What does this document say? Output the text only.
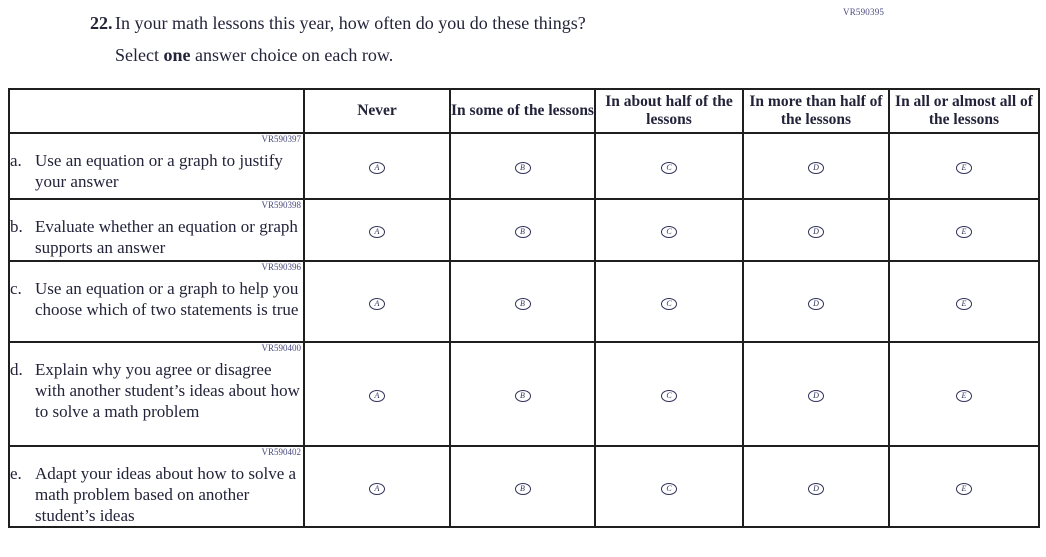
VR590395
22. In your math lessons this year, how often do you do these things?
Select one answer choice on each row.
	Never	In some of the lessons	In about half of the lessons	In more than half of the lessons	In all or almost all of the lessons

VR590397
a. Use an equation or a graph to justify your answer	A	B	C	D	E

VR590398
b. Evaluate whether an equation or graph supports an answer	A	B	C	D	E

VR590396
c. Use an equation or a graph to help you choose which of two statements is true	A	B	C	D	E

VR590400
d. Explain why you agree or disagree with another student’s ideas about how to solve a math problem	A	B	C	D	E

VR590402
e. Adapt your ideas about how to solve a math problem based on another student’s ideas	A	B	C	D	E
